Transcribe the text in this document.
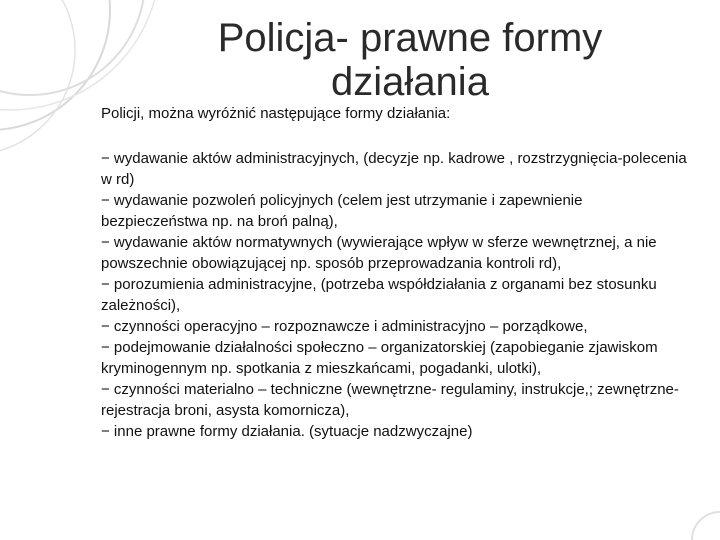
Policja- prawne formy działania
Policji, można wyróżnić następujące formy działania:
− wydawanie aktów administracyjnych, (decyzje np. kadrowe , rozstrzygnięcia-polecenia w rd)
− wydawanie pozwoleń policyjnych (celem jest utrzymanie i zapewnienie bezpieczeństwa np. na broń palną),
− wydawanie aktów normatywnych (wywierające wpływ w sferze wewnętrznej, a nie powszechnie obowiązującej np. sposób przeprowadzania kontroli rd),
− porozumienia administracyjne, (potrzeba współdziałania z organami bez stosunku zależności),
− czynności operacyjno – rozpoznawcze i administracyjno – porządkowe,
− podejmowanie działalności społeczno – organizatorskiej (zapobieganie zjawiskom kryminogennym np. spotkania z mieszkańcami, pogadanki, ulotki),
− czynności materialno – techniczne (wewnętrzne- regulaminy, instrukcje,; zewnętrzne- rejestracja broni, asysta komornicza),
− inne prawne formy działania. (sytuacje nadzwyczajne)
